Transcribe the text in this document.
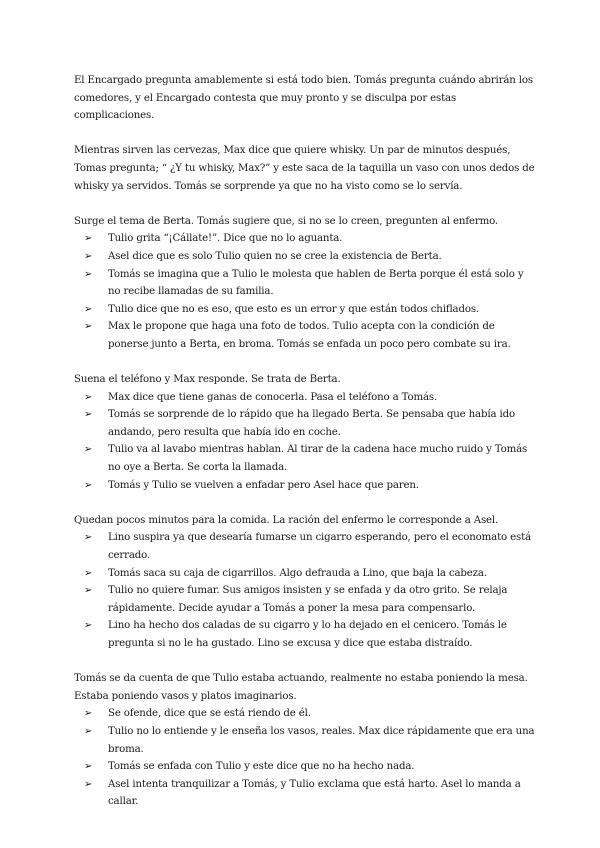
El Encargado pregunta amablemente si está todo bien. Tomás pregunta cuándo abrirán los comedores, y el Encargado contesta que muy pronto y se disculpa por estas complicaciones.

Mientras sirven las cervezas, Max dice que quiere whisky. Un par de minutos después, Tomas pregunta; “ ¿Y tu whisky, Max?” y este saca de la taquilla un vaso con unos dedos de whisky ya servidos. Tomás se sorprende ya que no ha visto como se lo servía.

Surge el tema de Berta. Tomás sugiere que, si no se lo creen, pregunten al enfermo.

➢ Tulio grita “¡Cállate!”. Dice que no lo aguanta.
➢ Asel dice que es solo Tulio quien no se cree la existencia de Berta.
➢ Tomás se imagina que a Tulio le molesta que hablen de Berta porque él está solo y no recibe llamadas de su familia.
➢ Tulio dice que no es eso, que esto es un error y que están todos chiflados.
➢ Max le propone que haga una foto de todos. Tulio acepta con la condición de ponerse junto a Berta, en broma. Tomás se enfada un poco pero combate su ira.

Suena el teléfono y Max responde. Se trata de Berta.

➢ Max dice que tiene ganas de conocerla. Pasa el teléfono a Tomás.
➢ Tomás se sorprende de lo rápido que ha llegado Berta. Se pensaba que había ido andando, pero resulta que había ido en coche.
➢ Tulio va al lavabo mientras hablan. Al tirar de la cadena hace mucho ruido y Tomás no oye a Berta. Se corta la llamada.
➢ Tomás y Tulio se vuelven a enfadar pero Asel hace que paren.

Quedan pocos minutos para la comida. La ración del enfermo le corresponde a Asel.

➢ Lino suspira ya que desearía fumarse un cigarro esperando, pero el economato está cerrado.
➢ Tomás saca su caja de cigarrillos. Algo defrauda a Lino, que baja la cabeza.
➢ Tulio no quiere fumar. Sus amigos insisten y se enfada y da otro grito. Se relaja rápidamente. Decide ayudar a Tomás a poner la mesa para compensarlo.
➢ Lino ha hecho dos caladas de su cigarro y lo ha dejado en el cenicero. Tomás le pregunta si no le ha gustado. Lino se excusa y dice que estaba distraído.

Tomás se da cuenta de que Tulio estaba actuando, realmente no estaba poniendo la mesa. Estaba poniendo vasos y platos imaginarios.

➢ Se ofende, dice que se está riendo de él.
➢ Tulio no lo entiende y le enseña los vasos, reales. Max dice rápidamente que era una broma.
➢ Tomás se enfada con Tulio y este dice que no ha hecho nada.
➢ Asel intenta tranquilizar a Tomás, y Tulio exclama que está harto. Asel lo manda a callar.
